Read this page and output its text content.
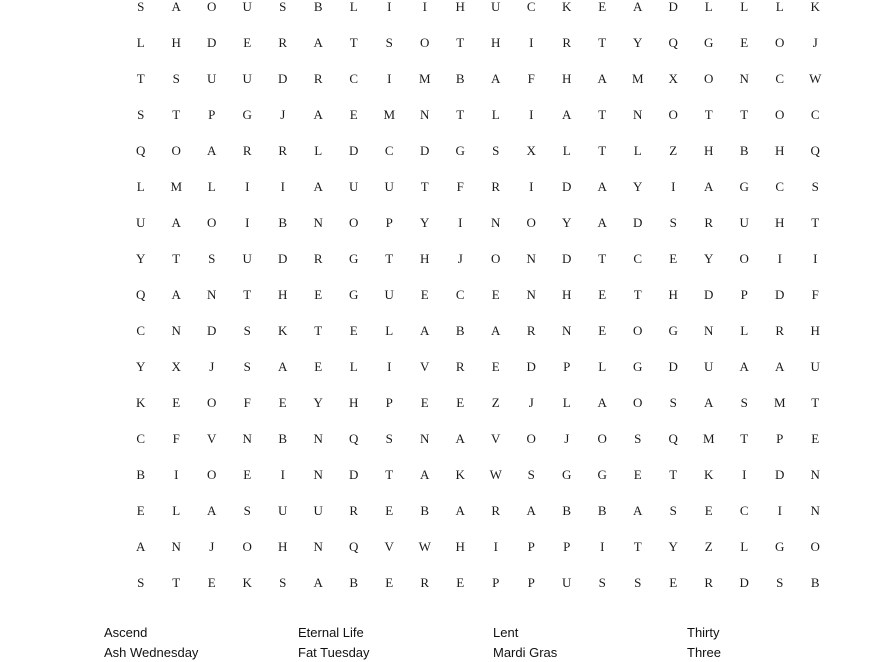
S	A	O	U	S	B	L	I	I	H	U	C	K	E	A	D	L	L	L	K
L	H	D	E	R	A	T	S	O	T	H	I	R	T	Y	Q	G	E	O	J
T	S	U	U	D	R	C	I	M	B	A	F	H	A	M	X	O	N	C	W
S	T	P	G	J	A	E	M	N	T	L	I	A	T	N	O	T	T	O	C
Q	O	A	R	R	L	D	C	D	G	S	X	L	T	L	Z	H	B	H	Q
L	M	L	I	I	A	U	U	T	F	R	I	D	A	Y	I	A	G	C	S
U	A	O	I	B	N	O	P	Y	I	N	O	Y	A	D	S	R	U	H	T
Y	T	S	U	D	R	G	T	H	J	O	N	D	T	C	E	Y	O	I	I
Q	A	N	T	H	E	G	U	E	C	E	N	H	E	T	H	D	P	D	F
C	N	D	S	K	T	E	L	A	B	A	R	N	E	O	G	N	L	R	H
Y	X	J	S	A	E	L	I	V	R	E	D	P	L	G	D	U	A	A	U
K	E	O	F	E	Y	H	P	E	E	Z	J	L	A	O	S	A	S	M	T
C	F	V	N	B	N	Q	S	N	A	V	O	J	O	S	Q	M	T	P	E
B	I	O	E	I	N	D	T	A	K	W	S	G	G	E	T	K	I	D	N
E	L	A	S	U	U	R	E	B	A	R	A	B	B	A	S	E	C	I	N
A	N	J	O	H	N	Q	V	W	H	I	P	P	I	T	Y	Z	L	G	O
S	T	E	K	S	A	B	E	R	E	P	P	U	S	S	E	R	D	S	B
Ascend	Eternal Life	Lent	Thirty
Ash Wednesday	Fat Tuesday	Mardi Gras	Three
